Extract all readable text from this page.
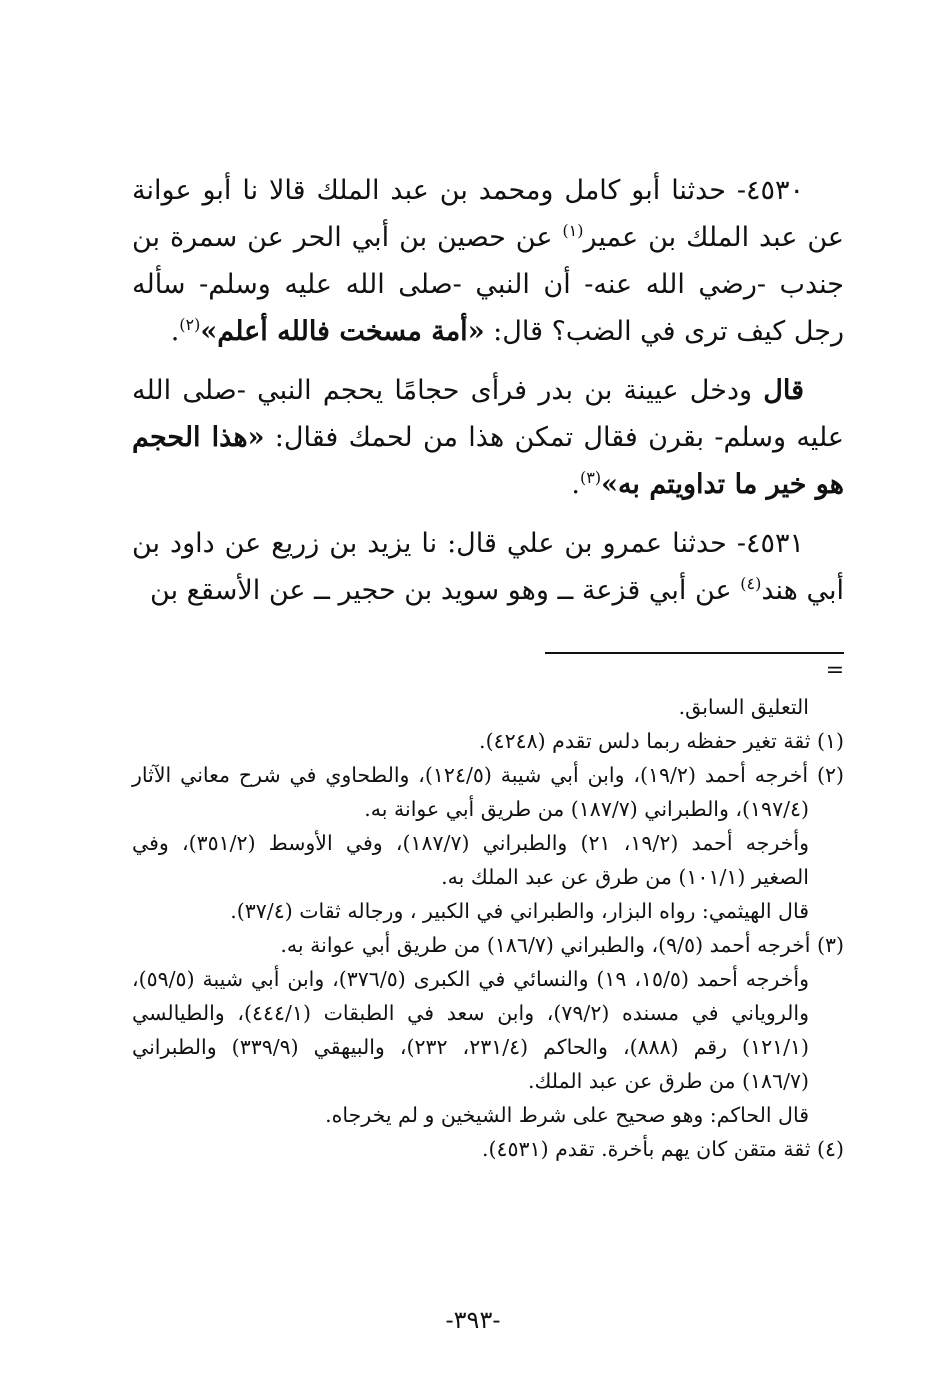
٤٥٣٠- حدثنا أبو كامل ومحمد بن عبد الملك قالا نا أبو عوانة عن عبد الملك بن عمير$^{(١)}$ عن حصين بن أبي الحر عن سمرة بن جندب -رضي الله عنه- أن النبي -صلى الله عليه وسلم- سأله رجل كيف ترى في الضب؟ قال: «أمة مسخت فالله أعلم»$^{(٢)}$.

قال ودخل عيينة بن بدر فرأى حجامًا يحجم النبي -صلى الله عليه وسلم- بقرن فقال تمكن هذا من لحمك فقال: «هذا الحجم هو خير ما تداويتم به»$^{(٣)}$.

٤٥٣١- حدثنا عمرو بن علي قال: نا يزيد بن زريع عن داود بن أبي هند$^{(٤)}$ عن أبي قزعة ــ وهو سويد بن حجير ــ عن الأسقع بن

=

التعليق السابق.

(١) ثقة تغير حفظه ربما دلس تقدم (٤٢٤٨).

(٢) أخرجه أحمد (١٩/٢)، وابن أبي شيبة (١٢٤/٥)، والطحاوي في شرح معاني الآثار (١٩٧/٤)، والطبراني (١٨٧/٧) من طريق أبي عوانة به.

وأخرجه أحمد (١٩/٢، ٢١) والطبراني (١٨٧/٧)، وفي الأوسط (٣٥١/٢)، وفي الصغير (١٠١/١) من طرق عن عبد الملك به.

قال الهيثمي: رواه البزار، والطبراني في الكبير ، ورجاله ثقات (٣٧/٤).

(٣) أخرجه أحمد (٩/٥)، والطبراني (١٨٦/٧) من طريق أبي عوانة به.

وأخرجه أحمد (١٥/٥، ١٩) والنسائي في الكبرى (٣٧٦/٥)، وابن أبي شيبة (٥٩/٥)، والروياني في مسنده (٧٩/٢)، وابن سعد في الطبقات (٤٤٤/١)، والطيالسي (١٢١/١) رقم (٨٨٨)، والحاكم (٢٣١/٤، ٢٣٢)، والبيهقي (٣٣٩/٩) والطبراني (١٨٦/٧) من طرق عن عبد الملك.

قال الحاكم: وهو صحيح على شرط الشيخين و لم يخرجاه.

(٤) ثقة متقن كان يهم بأخرة. تقدم (٤٥٣١).

-٣٩٣-
